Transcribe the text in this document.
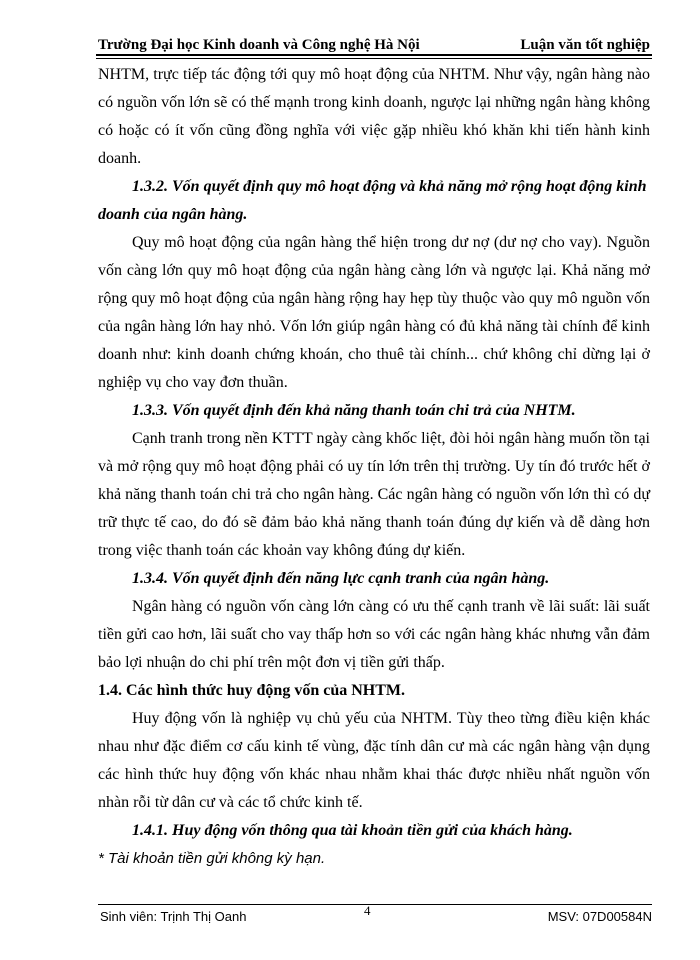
Trường Đại học Kinh doanh và Công nghệ Hà Nội	Luận văn tốt nghiệp

NHTM, trực tiếp tác động tới quy mô hoạt động của NHTM. Như vậy, ngân hàng nào có nguồn vốn lớn sẽ có thế mạnh trong kinh doanh, ngược lại những ngân hàng không có hoặc có ít vốn cũng đồng nghĩa với việc gặp nhiều khó khăn khi tiến hành kinh doanh.

1.3.2. Vốn quyết định quy mô hoạt động và khả năng mở rộng hoạt động kinh doanh của ngân hàng.

Quy mô hoạt động của ngân hàng thể hiện trong dư nợ (dư nợ cho vay). Nguồn vốn càng lớn quy mô hoạt động của ngân hàng càng lớn và ngược lại. Khả năng mở rộng quy mô hoạt động của ngân hàng rộng hay hẹp tùy thuộc vào quy mô nguồn vốn của ngân hàng lớn hay nhỏ. Vốn lớn giúp ngân hàng có đủ khả năng tài chính để kinh doanh như: kinh doanh chứng khoán, cho thuê tài chính... chứ không chỉ dừng lại ở nghiệp vụ cho vay đơn thuần.

1.3.3. Vốn quyết định đến khả năng thanh toán chi trả của NHTM.

Cạnh tranh trong nền KTTT ngày càng khốc liệt, đòi hỏi ngân hàng muốn tồn tại và mở rộng quy mô hoạt động phải có uy tín lớn trên thị trường. Uy tín đó trước hết ở khả năng thanh toán chi trả cho ngân hàng. Các ngân hàng có nguồn vốn lớn thì có dự trữ thực tế cao, do đó sẽ đảm bảo khả năng thanh toán đúng dự kiến và dễ dàng hơn trong việc thanh toán các khoản vay không đúng dự kiến.

1.3.4. Vốn quyết định đến năng lực cạnh tranh của ngân hàng.

Ngân hàng có nguồn vốn càng lớn càng có ưu thế cạnh tranh về lãi suất: lãi suất tiền gửi cao hơn, lãi suất cho vay thấp hơn so với các ngân hàng khác nhưng vẫn đảm bảo lợi nhuận do chi phí trên một đơn vị tiền gửi thấp.

1.4. Các hình thức huy động vốn của NHTM.

Huy động vốn là nghiệp vụ chủ yếu của NHTM. Tùy theo từng điều kiện khác nhau như đặc điểm cơ cấu kinh tế vùng, đặc tính dân cư mà các ngân hàng vận dụng các hình thức huy động vốn khác nhau nhằm khai thác được nhiều nhất nguồn vốn nhàn rỗi từ dân cư và các tổ chức kinh tế.

1.4.1. Huy động vốn thông qua tài khoản tiền gửi của khách hàng.

* Tài khoản tiền gửi không kỳ hạn.

Sinh viên: Trịnh Thị Oanh	4	MSV: 07D00584N
